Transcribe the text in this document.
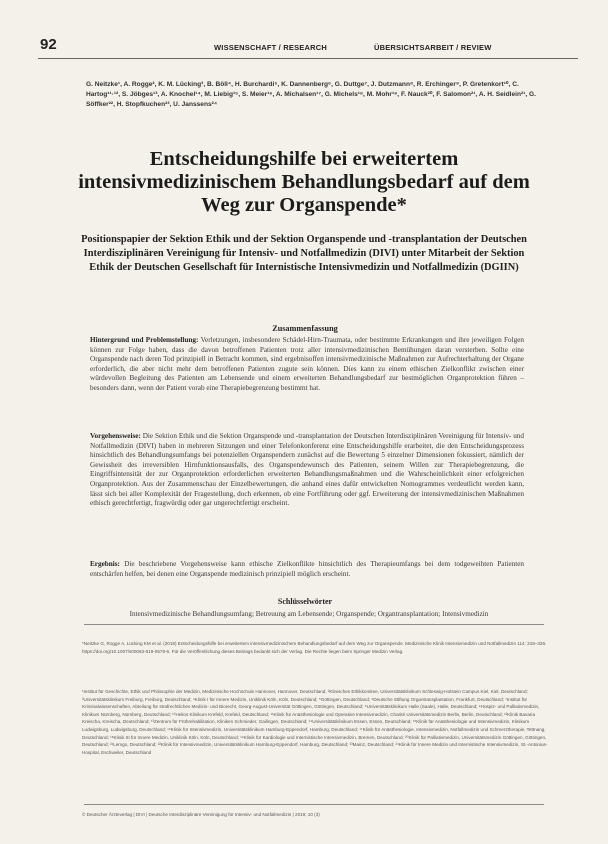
92	WISSENSCHAFT / RESEARCH	ÜBERSICHTSARBEIT / REVIEW
G. Neitzke¹, A. Rogge², K. M. Lücking³, B. Böll⁴, H. Burchardi⁵, K. Dannenberg⁶, G. Duttge⁷, J. Dutzmann⁸, R. Erchinger⁹, P. Gretenkort¹⁰, C. Hartog¹¹·¹², S. Jöbges¹³, A. Knochel¹⁴, M. Liebig¹⁵, S. Meier¹⁶, A. Michalsen¹⁷, G. Michels¹⁸, M. Mohr¹⁹, F. Nauck²⁰, F. Salomon²¹, A. H. Seidlein²¹, G. Söffker²², H. Stopfkuchen²³, U. Janssens²⁴
Entscheidungshilfe bei erweitertem intensivmedizinischem Behandlungsbedarf auf dem Weg zur Organspende*
Positionspapier der Sektion Ethik und der Sektion Organspende und -transplantation der Deutschen Interdisziplinären Vereinigung für Intensiv- und Notfallmedizin (DIVI) unter Mitarbeit der Sektion Ethik der Deutschen Gesellschaft für Internistische Intensivmedizin und Notfallmedizin (DGIIN)
Zusammenfassung
Hintergrund und Problemstellung: Verletzungen, insbesondere Schädel-Hirn-Traumata, oder bestimmte Erkrankungen und ihre jeweiligen Folgen können zur Folge haben, dass die davon betroffenen Patienten trotz aller intensivmedizinischen Bemühungen daran versterben. Sollte eine Organspende nach deren Tod prinzipiell in Betracht kommen, sind ergebnisoffen intensivmedizinische Maßnahmen zur Aufrechterhaltung der Organe erforderlich, die aber nicht mehr dem betroffenen Patienten zugute sein können. Dies kann zu einem ethischen Zielkonflikt zwischen einer würdevollen Begleitung des Patienten am Lebensende und einem erweiterten Behandlungsbedarf zur bestmöglichen Organprotektion führen – besonders dann, wenn der Patient vorab eine Therapiebegrenzung bestimmt hat.
Vorgehensweise: Die Sektion Ethik und die Sektion Organspende und -transplantation der Deutschen Interdisziplinären Vereinigung für Intensiv- und Notfallmedizin (DIVI) haben in mehreren Sitzungen und einer Telefonkonferenz eine Entscheidungshilfe erarbeitet, die den Entscheidungsprozess hinsichtlich des Behandlungsumfangs bei potenziellen Organspendern zunächst auf die Bewertung 5 einzelner Dimensionen fokussiert, nämlich der Gewissheit des irreversiblen Hirnfunktionsausfalls, des Organspendewunsch des Patienten, seinem Willen zur Therapiebegrenzung, die Eingriffsintensität der zur Organprotektion erforderlichen erweiterten Behandlungsmaßnahmen und die Wahrscheinlichkeit einer erfolgreichen Organprotektion. Aus der Zusammenschau der Einzelbewertungen, die anhand eines dafür entwickelten Nomogrammes verdeutlicht werden kann, lässt sich bei aller Komplexität der Fragestellung, doch erkennen, ob eine Fortführung oder ggf. Erweiterung der intensivmedizinischen Maßnahmen ethisch gerechtfertigt, fragwürdig oder gar ungerechtfertigt erscheint.
Ergebnis: Die beschriebene Vorgehensweise kann ethische Zielkonflikte hinsichtlich des Therapieumfangs bei dem todgeweihten Patienten entschärfen helfen, bei denen eine Organspende medizinisch prinzipiell möglich erscheint.
Schlüsselwörter
Intensivmedizinische Behandlungsumfang; Betreuung am Lebensende; Organspende; Organtransplantation; Intensivmedizin
*Neitzke G, Rogge A, Lücking KM et al. (2019) Entscheidungshilfe bei erweitertem intensivmedizinischem Behandlungsbedarf auf dem Weg zur Organspende. Medizinische Klinik Intensivmedizin und Notfallmedizin 114: 319–326. https://doi.org/10.1007/s00063-019-0578-6. Für die Veröffentlichung dieses Beitrags bedankt sich der Verlag. Die Rechte liegen beim Springer Medizin Verlag.
¹Institut für Geschichte, Ethik und Philosophie der Medizin, Medizinische Hochschule Hannover, Hannover, Deutschland; ²Klinisches Ethikkomitee, Universitätsklinikum Schleswig-Holstein Campus Kiel, Kiel, Deutschland; ³Universitätsklinikum Freiburg, Freiburg, Deutschland; ⁴Klinik I für Innere Medizin, Uniklinik Köln, Köln, Deutschland; ⁵Göttingen, Deutschland; ⁶Deutsche Stiftung Organtransplantation, Frankfurt, Deutschland; ⁷Institut für Kriminalwissenschaften, Abteilung für strafrechtliches Medizin- und Biorecht, Georg-August-Universität Göttingen, Göttingen, Deutschland; ⁸Universitätsklinikum Halle (Saale), Halle, Deutschland; ⁹Hospiz- und Palliativmedizin, Klinikum Nürnberg, Nürnberg, Deutschland; ¹⁰Helios Klinikum Krefeld, Krefeld, Deutschland; ¹¹Klinik für Anästhesiologie und Operative Intensivmedizin, Charité Universitätsmedizin Berlin, Berlin, Deutschland; ¹²Klinik Bavaria Kreischa, Kreischa, Deutschland; ¹³Zentrum für Frührehabilitation, Kliniken Schmieder, Gailingen, Deutschland; ¹⁴Universitätsklinikum Essen, Essen, Deutschland; ¹⁵Klinik für Anästhesiologie und Intensivmedizin, Klinikum Ludwigsburg, Ludwigsburg, Deutschland; ¹⁶Klinik für Intensivmedizin, Universitätsklinikum Hamburg-Eppendorf, Hamburg, Deutschland; ¹⁷Klinik für Anästhesiologie, Intensivmedizin, Notfallmedizin und Schmerztherapie, Tettnang, Deutschland; ¹⁸Klinik III für Innere Medizin, Uniklinik Köln, Köln, Deutschland; ¹⁹Klinik für Kardiologie und Internistische Intensivmedizin, Bremen, Deutschland; ²⁰Klinik für Palliativmedizin, Universitätsmedizin Göttingen, Göttingen, Deutschland; ²¹Lemgo, Deutschland; ²²Klinik für Intensivmedizin, Universitätsklinikum Hamburg-Eppendorf, Hamburg, Deutschland; ²³Mainz, Deutschland; ²⁴Klinik für Innere Medizin und Internistische Intensivmedizin, St.-Antonius-Hospital, Eschweiler, Deutschland
© Deutscher Ärzteverlag | DIVI | Deutsche Interdisziplinäre Vereinigung für Intensiv- und Notfallmedizin | 2019; 10 (3)
